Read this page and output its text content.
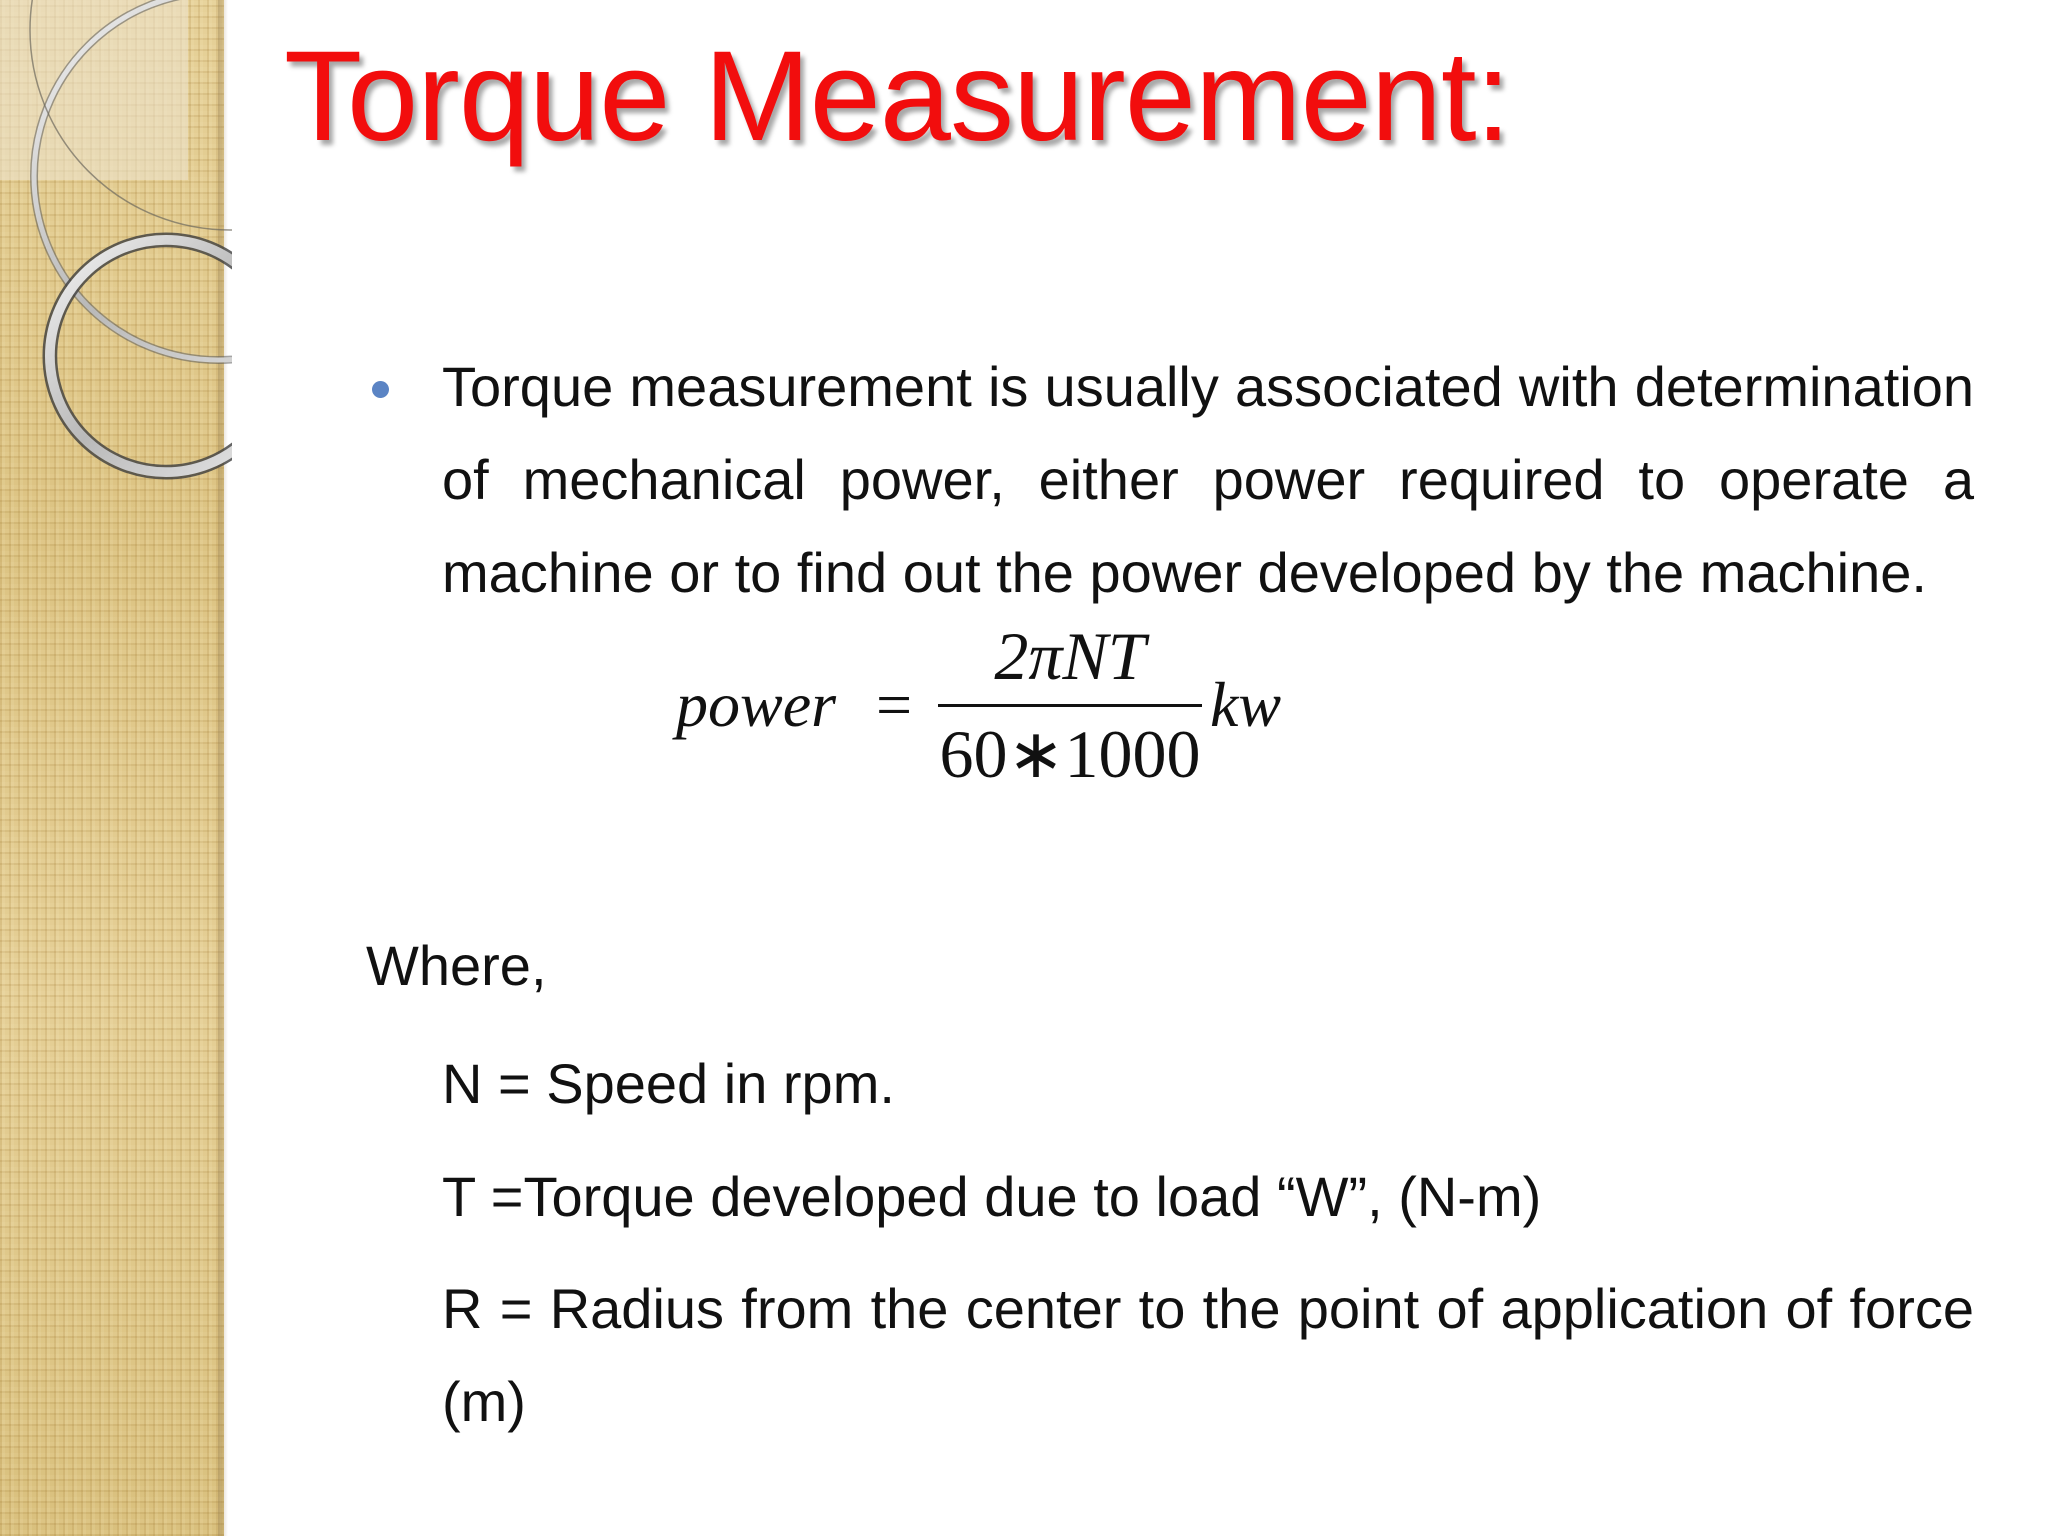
Torque Measurement:

Torque measurement is usually associated with determination of mechanical power, either power required to operate a machine or to find out the power developed by the machine.

power =
2πNT
60∗1000
kw

Where,

N = Speed in rpm.

T =Torque developed due to load “W”, (N-m)

R = Radius from the center to the point of application of force (m)
